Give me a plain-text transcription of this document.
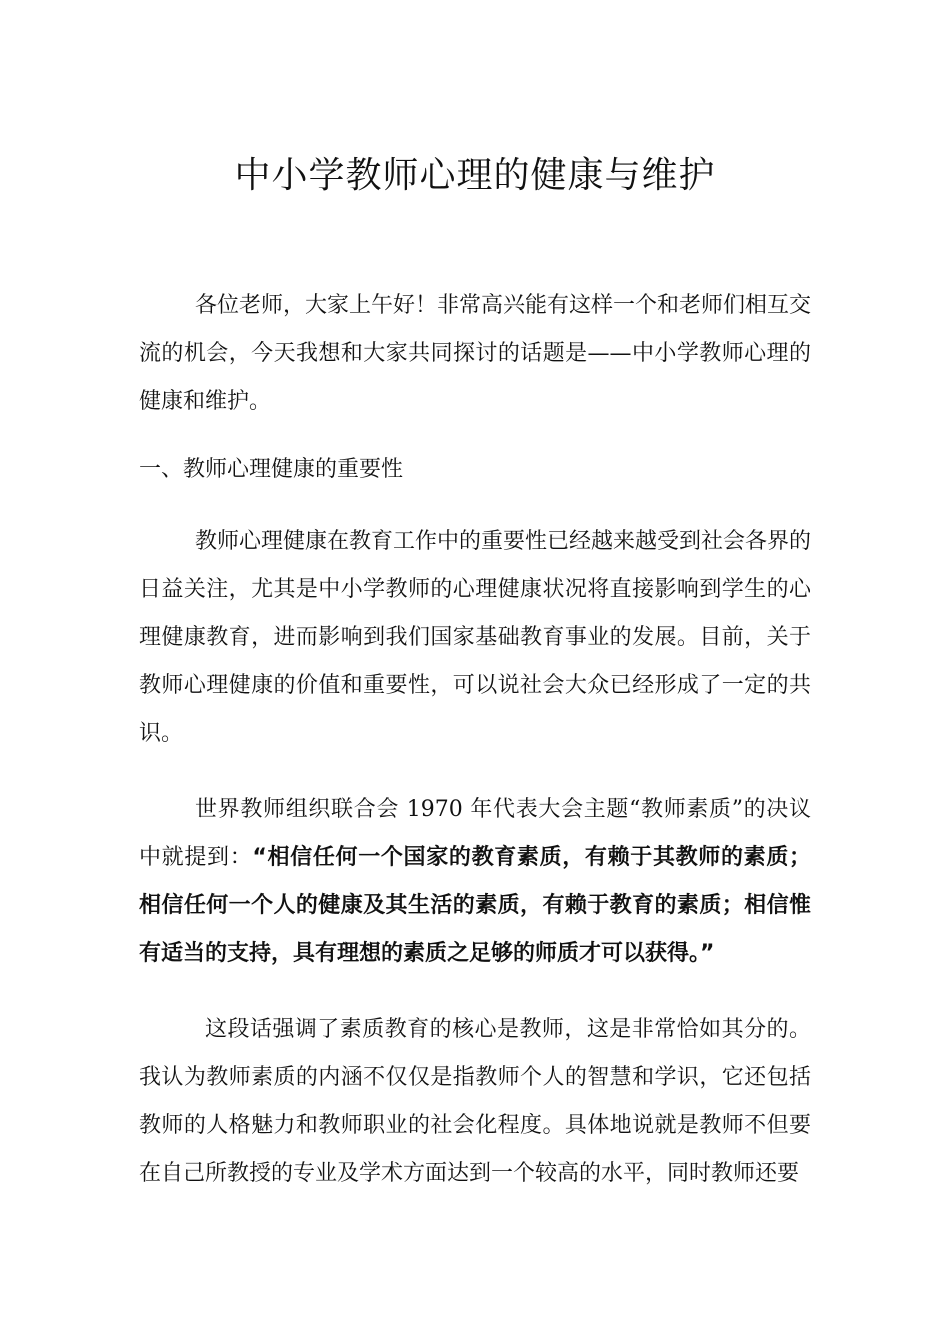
中小学教师心理的健康与维护

各位老师，大家上午好！非常高兴能有这样一个和老师们相互交流的机会，今天我想和大家共同探讨的话题是——中小学教师心理的健康和维护。

一、教师心理健康的重要性

教师心理健康在教育工作中的重要性已经越来越受到社会各界的日益关注，尤其是中小学教师的心理健康状况将直接影响到学生的心理健康教育，进而影响到我们国家基础教育事业的发展。目前，关于教师心理健康的价值和重要性，可以说社会大众已经形成了一定的共识。

世界教师组织联合会 1970 年代表大会主题“教师素质”的决议中就提到：“相信任何一个国家的教育素质，有赖于其教师的素质；相信任何一个人的健康及其生活的素质，有赖于教育的素质；相信惟有适当的支持，具有理想的素质之足够的师质才可以获得。”

这段话强调了素质教育的核心是教师，这是非常恰如其分的。我认为教师素质的内涵不仅仅是指教师个人的智慧和学识，它还包括教师的人格魅力和教师职业的社会化程度。具体地说就是教师不但要在自己所教授的专业及学术方面达到一个较高的水平，同时教师还要
